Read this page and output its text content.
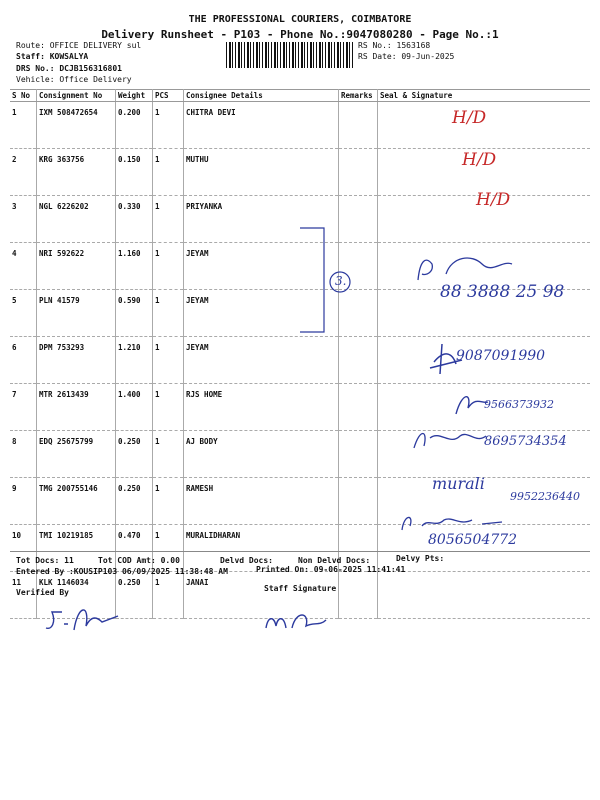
THE PROFESSIONAL COURIERS, COIMBATORE
Delivery Runsheet - P103 - Phone No.:9047080280 - Page No.:1
Route: OFFICE DELIVERY sul
Staff: KOWSALYA
DRS No.: DCJB156316801
Vehicle: Office Delivery
RS No.: 1563168
RS Date: 09-Jun-2025
S No	Consignment No	Weight	PCS	Consignee Details	Remarks	Seal & Signature
1	IXM 508472654	0.200	1	CHITRA DEVI		
2	KRG 363756	0.150	1	MUTHU		
3	NGL 6226202	0.330	1	PRIYANKA		
4	NRI 592622	1.160	1	JEYAM		
5	PLN 41579	0.590	1	JEYAM		
6	DPM 753293	1.210	1	JEYAM		
7	MTR 2613439	1.400	1	RJS HOME		
8	EDQ 25675799	0.250	1	AJ BODY		
9	TMG 200755146	0.250	1	RAMESH		
10	TMI 10219185	0.470	1	MURALIDHARAN		
11	KLK 1146034	0.250	1	JANAI		
H/D
H/D
H/D
3.
88 3888 25 98
9087091990
9566373932
8695734354
murali
9952236440
8056504772
Tot Docs: 11	Tot COD Amt: 0.00	Delvd Docs:	Non Delvd Docs:	Delvy Pts:
Entered By :KOUSIP103 06/09/2025 11:38:48 AM	Printed On: 09-06-2025 11:41:41
Verified By	Staff Signature
